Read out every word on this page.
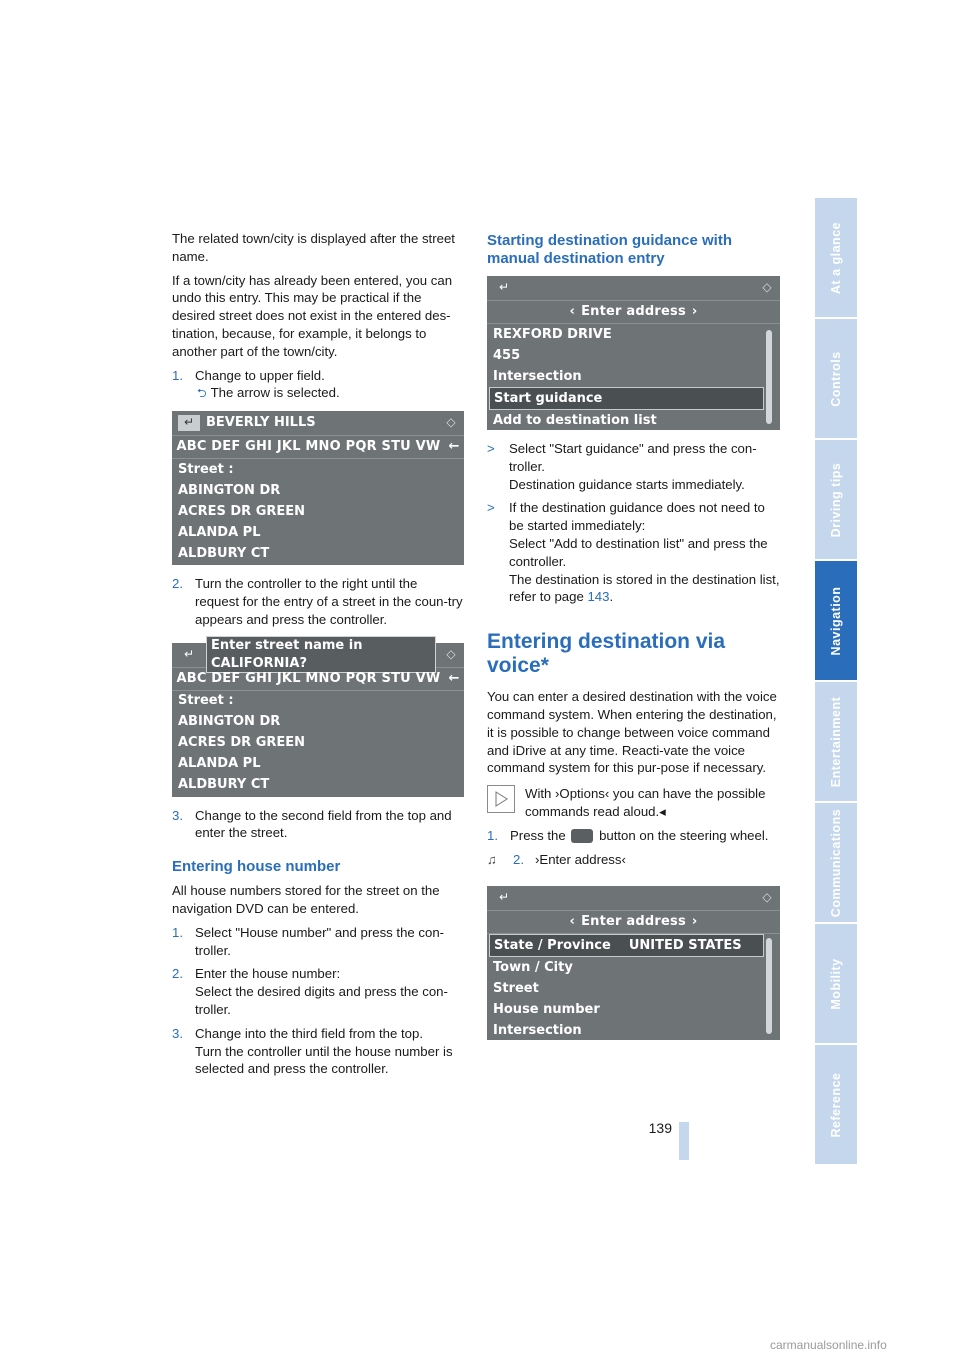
The related town/city is displayed after the street name.

If a town/city has already been entered, you can undo this entry. This may be practical if the desired street does not exist in the entered des-tination, because, for example, it belongs to another part of the town/city.

1. Change to upper field.
⮌ The arrow is selected.
↵ BEVERLY HILLS	◇
ABC DEF GHI JKL MNO PQR STU VW ←
Street :
ABINGTON DR
ACRES DR GREEN
ALANDA PL
ALDBURY CT
2. Turn the controller to the right until the request for the entry of a street in the coun-try appears and press the controller.
↵
Enter street name in CALIFORNIA?
◇
ABC DEF GHI JKL MNO PQR STU VW ←
Street :
ABINGTON DR
ACRES DR GREEN
ALANDA PL
ALDBURY CT
3. Change to the second field from the top and enter the street.
Entering house number

All house numbers stored for the street on the navigation DVD can be entered.

1. Select "House number" and press the con-troller.
2. Enter the house number:
Select the desired digits and press the con-troller.
3. Change into the third field from the top.
Turn the controller until the house number is selected and press the controller.
Starting destination guidance with manual destination entry
↵	◇
‹ Enter address ›
REXFORD DRIVE
455
Intersection
Start guidance
Add to destination list
>	Select "Start guidance" and press the con-troller.
Destination guidance starts immediately.
>	If the destination guidance does not need to be started immediately:
Select "Add to destination list" and press the controller.
The destination is stored in the destination list, refer to page 143.
Entering destination via voice*

You can enter a desired destination with the voice command system. When entering the destination, it is possible to change between voice command and iDrive at any time. Reacti-vate the voice command system for this pur-pose if necessary.

With ›Options‹ you can have the possible commands read aloud.◂
1. Press the	button on the steering wheel.
♫	2. ›Enter address‹
↵	◇
‹ Enter address ›
State / Province    UNITED STATES
Town / City
Street
House number
Intersection
At a glance
Controls
Driving tips
Navigation
Entertainment
Communications
Mobility
Reference
139
carmanualsonline.info
